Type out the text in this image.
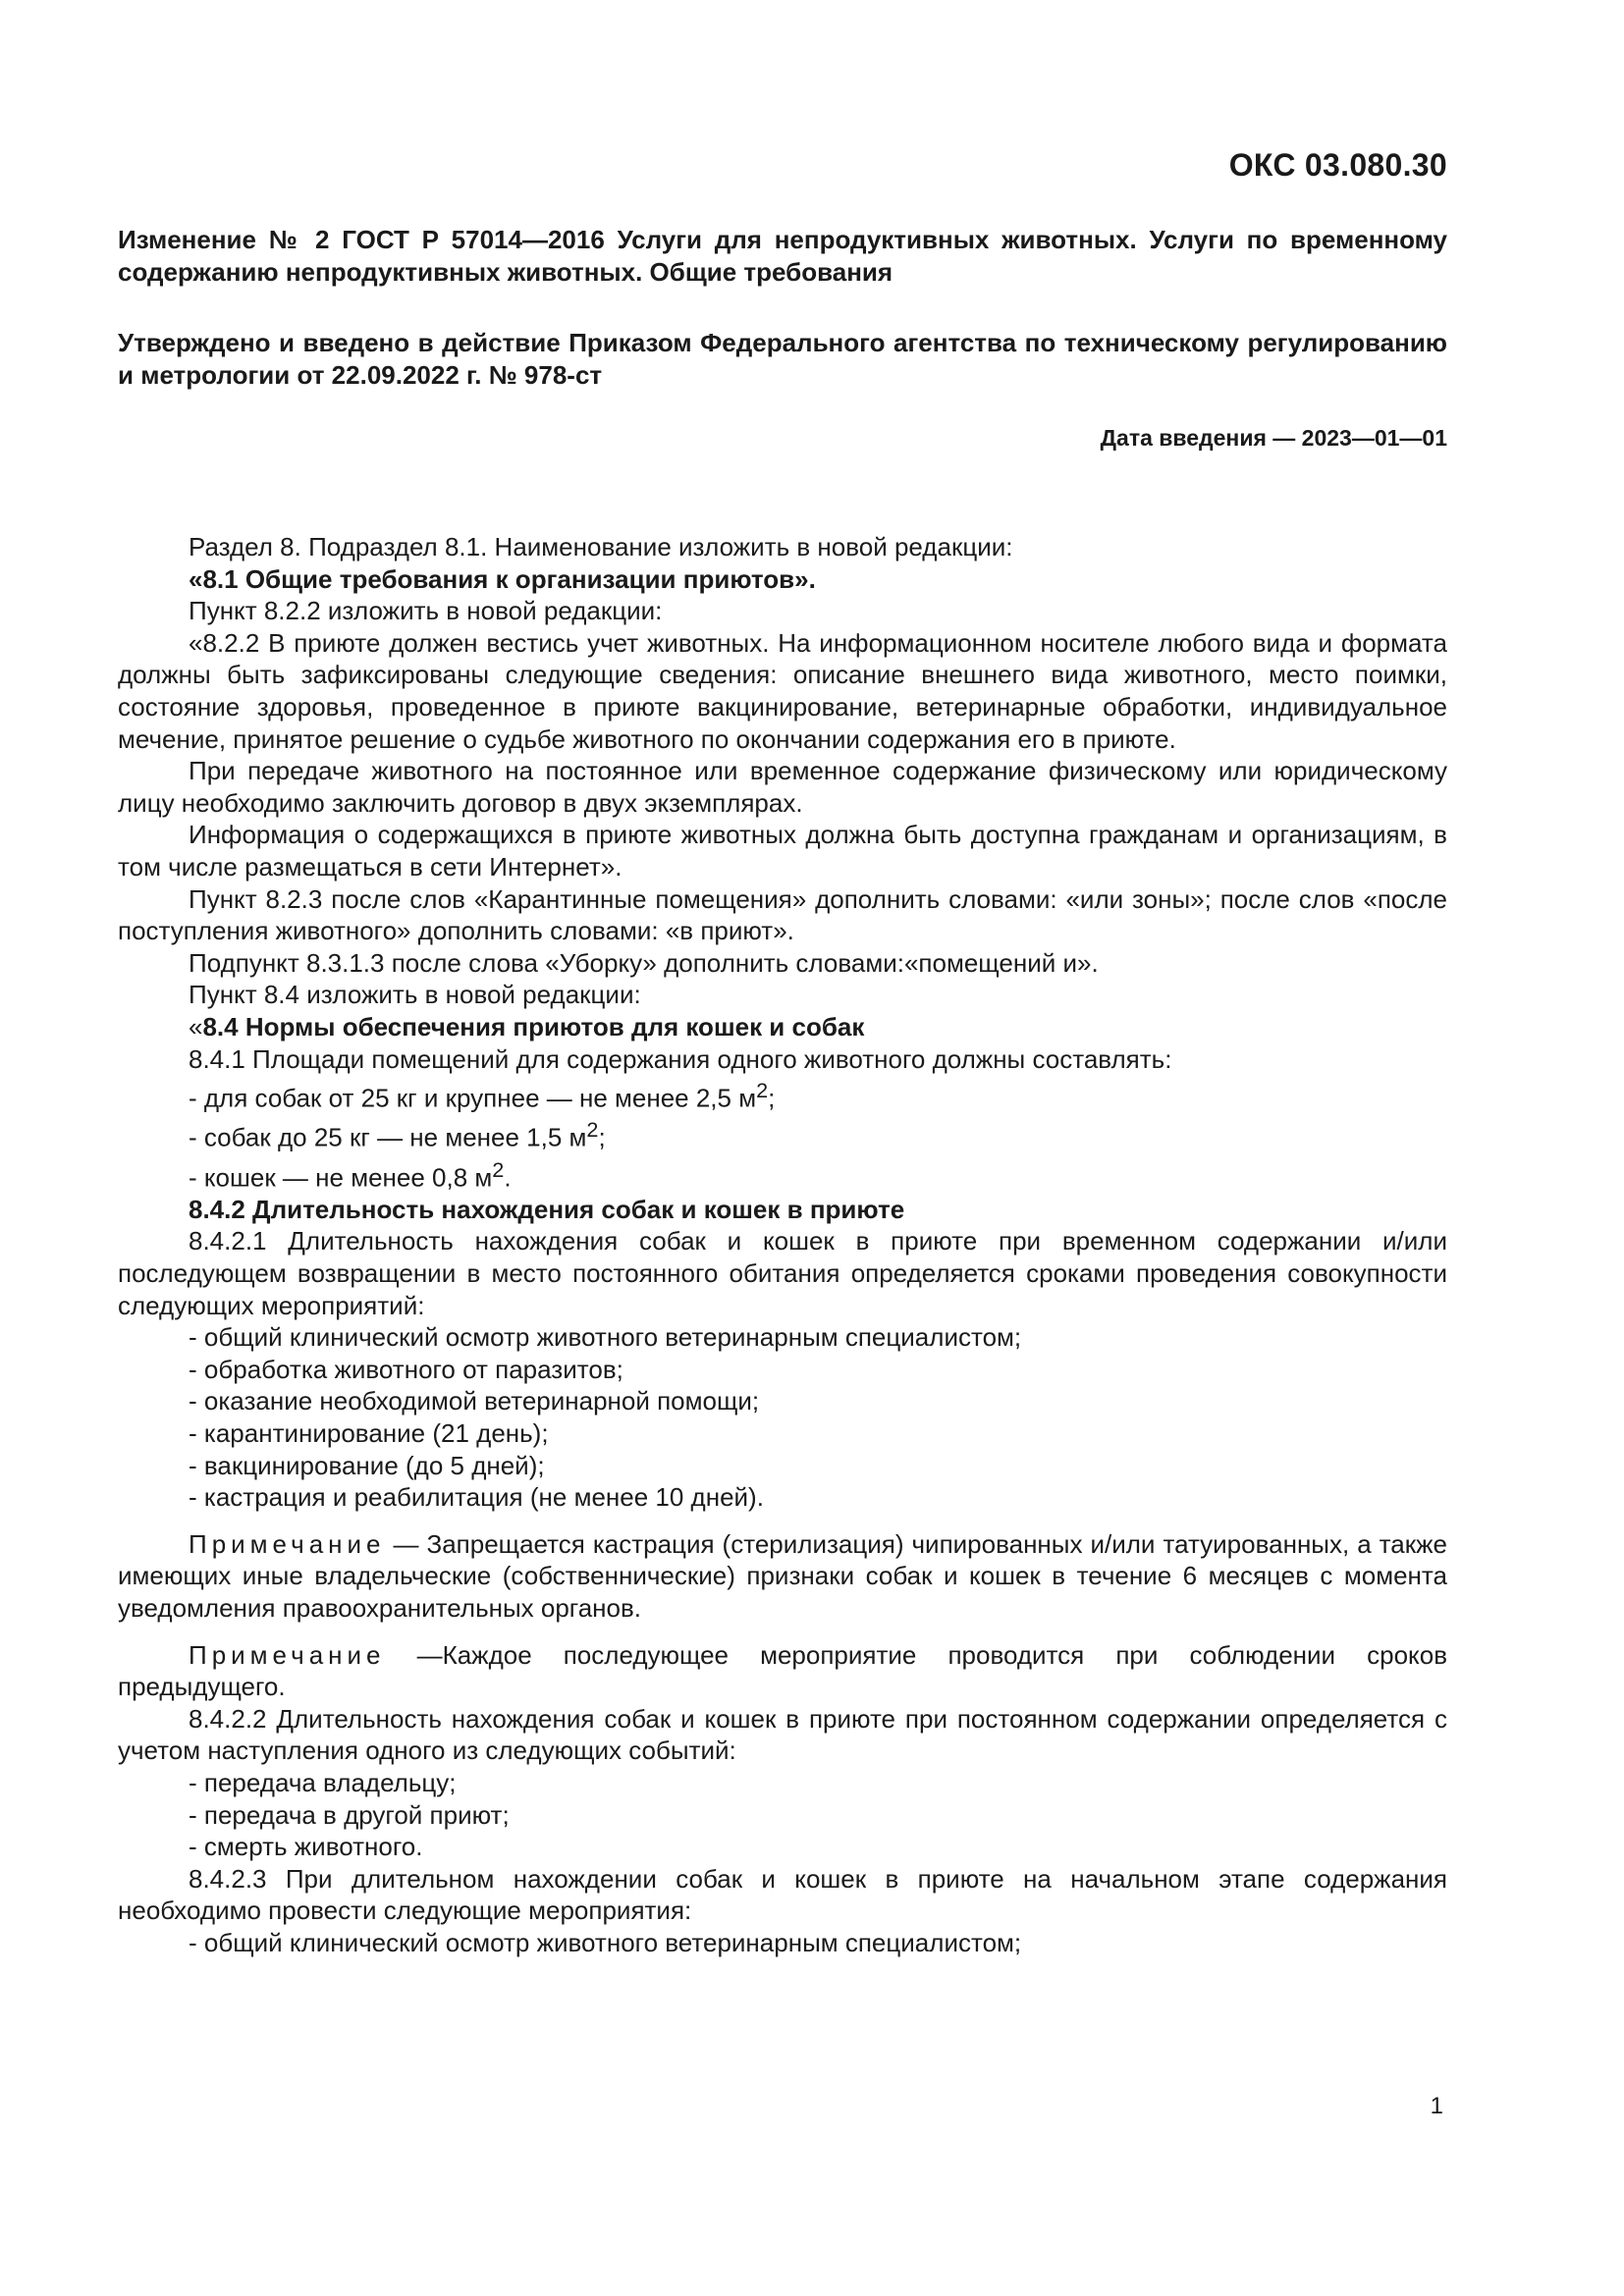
ОКС 03.080.30
Изменение № 2 ГОСТ Р 57014—2016 Услуги для непродуктивных животных. Услуги по временному содержанию непродуктивных животных. Общие требования
Утверждено и введено в действие Приказом Федерального агентства по техническому регулированию и метрологии от 22.09.2022 г. № 978-ст
Дата введения — 2023—01—01

Раздел 8. Подраздел 8.1. Наименование изложить в новой редакции:

«8.1 Общие требования к организации приютов».

Пункт 8.2.2 изложить в новой редакции:

«8.2.2 В приюте должен вестись учет животных. На информационном носителе любого вида и формата должны быть зафиксированы следующие сведения: описание внешнего вида животного, место поимки, состояние здоровья, проведенное в приюте вакцинирование, ветеринарные обработки, индивидуальное мечение, принятое решение о судьбе животного по окончании содержания его в приюте.

При передаче животного на постоянное или временное содержание физическому или юридическому лицу необходимо заключить договор в двух экземплярах.

Информация о содержащихся в приюте животных должна быть доступна гражданам и организациям, в том числе размещаться в сети Интернет».

Пункт 8.2.3 после слов «Карантинные помещения» дополнить словами: «или зоны»; после слов «после поступления животного» дополнить словами: «в приют».

Подпункт 8.3.1.3 после слова «Уборку» дополнить словами:«помещений и».

Пункт 8.4 изложить в новой редакции:

«8.4 Нормы обеспечения приютов для кошек и собак

8.4.1 Площади помещений для содержания одного животного должны составлять:

- для собак от 25 кг и крупнее — не менее 2,5 $м^2$;

- собак до 25 кг — не менее 1,5 $м^2$;

- кошек — не менее 0,8 $м^2$.

8.4.2 Длительность нахождения собак и кошек в приюте

8.4.2.1 Длительность нахождения собак и кошек в приюте при временном содержании и/или последующем возвращении в место постоянного обитания определяется сроками проведения совокупности следующих мероприятий:

- общий клинический осмотр животного ветеринарным специалистом;

- обработка животного от паразитов;

- оказание необходимой ветеринарной помощи;

- карантинирование (21 день);

- вакцинирование (до 5 дней);

- кастрация и реабилитация (не менее 10 дней).

Примечание — Запрещается кастрация (стерилизация) чипированных и/или татуированных, а также имеющих иные владельческие (собственнические) признаки собак и кошек в течение 6 месяцев с момента уведомления правоохранительных органов.

Примечание —Каждое последующее мероприятие проводится при соблюдении сроков предыдущего.

8.4.2.2 Длительность нахождения собак и кошек в приюте при постоянном содержании определяется с учетом наступления одного из следующих событий:

- передача владельцу;

- передача в другой приют;

- смерть животного.

8.4.2.3 При длительном нахождении собак и кошек в приюте на начальном этапе содержания необходимо провести следующие мероприятия:

- общий клинический осмотр животного ветеринарным специалистом;

1
